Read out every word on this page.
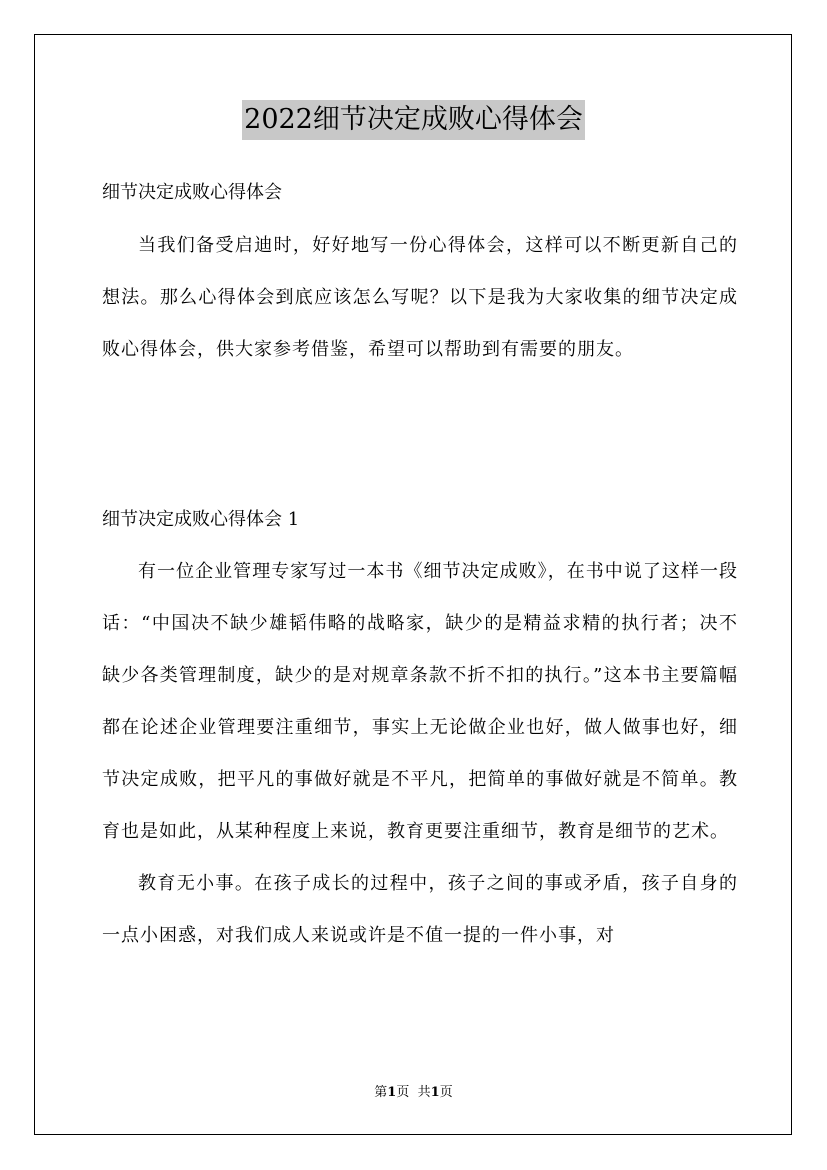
2022细节决定成败心得体会
细节决定成败心得体会

当我们备受启迪时，好好地写一份心得体会，这样可以不断更新自己的想法。那么心得体会到底应该怎么写呢？以下是我为大家收集的细节决定成败心得体会，供大家参考借鉴，希望可以帮助到有需要的朋友。

细节决定成败心得体会 1

有一位企业管理专家写过一本书《细节决定成败》，在书中说了这样一段话：“中国决不缺少雄韬伟略的战略家，缺少的是精益求精的执行者；决不缺少各类管理制度，缺少的是对规章条款不折不扣的执行。”这本书主要篇幅都在论述企业管理要注重细节，事实上无论做企业也好，做人做事也好，细节决定成败，把平凡的事做好就是不平凡，把简单的事做好就是不简单。教育也是如此，从某种程度上来说，教育更要注重细节，教育是细节的艺术。

教育无小事。在孩子成长的过程中，孩子之间的事或矛盾，孩子自身的一点小困惑，对我们成人来说或许是不值一提的一件小事，对

第1页 共1页
